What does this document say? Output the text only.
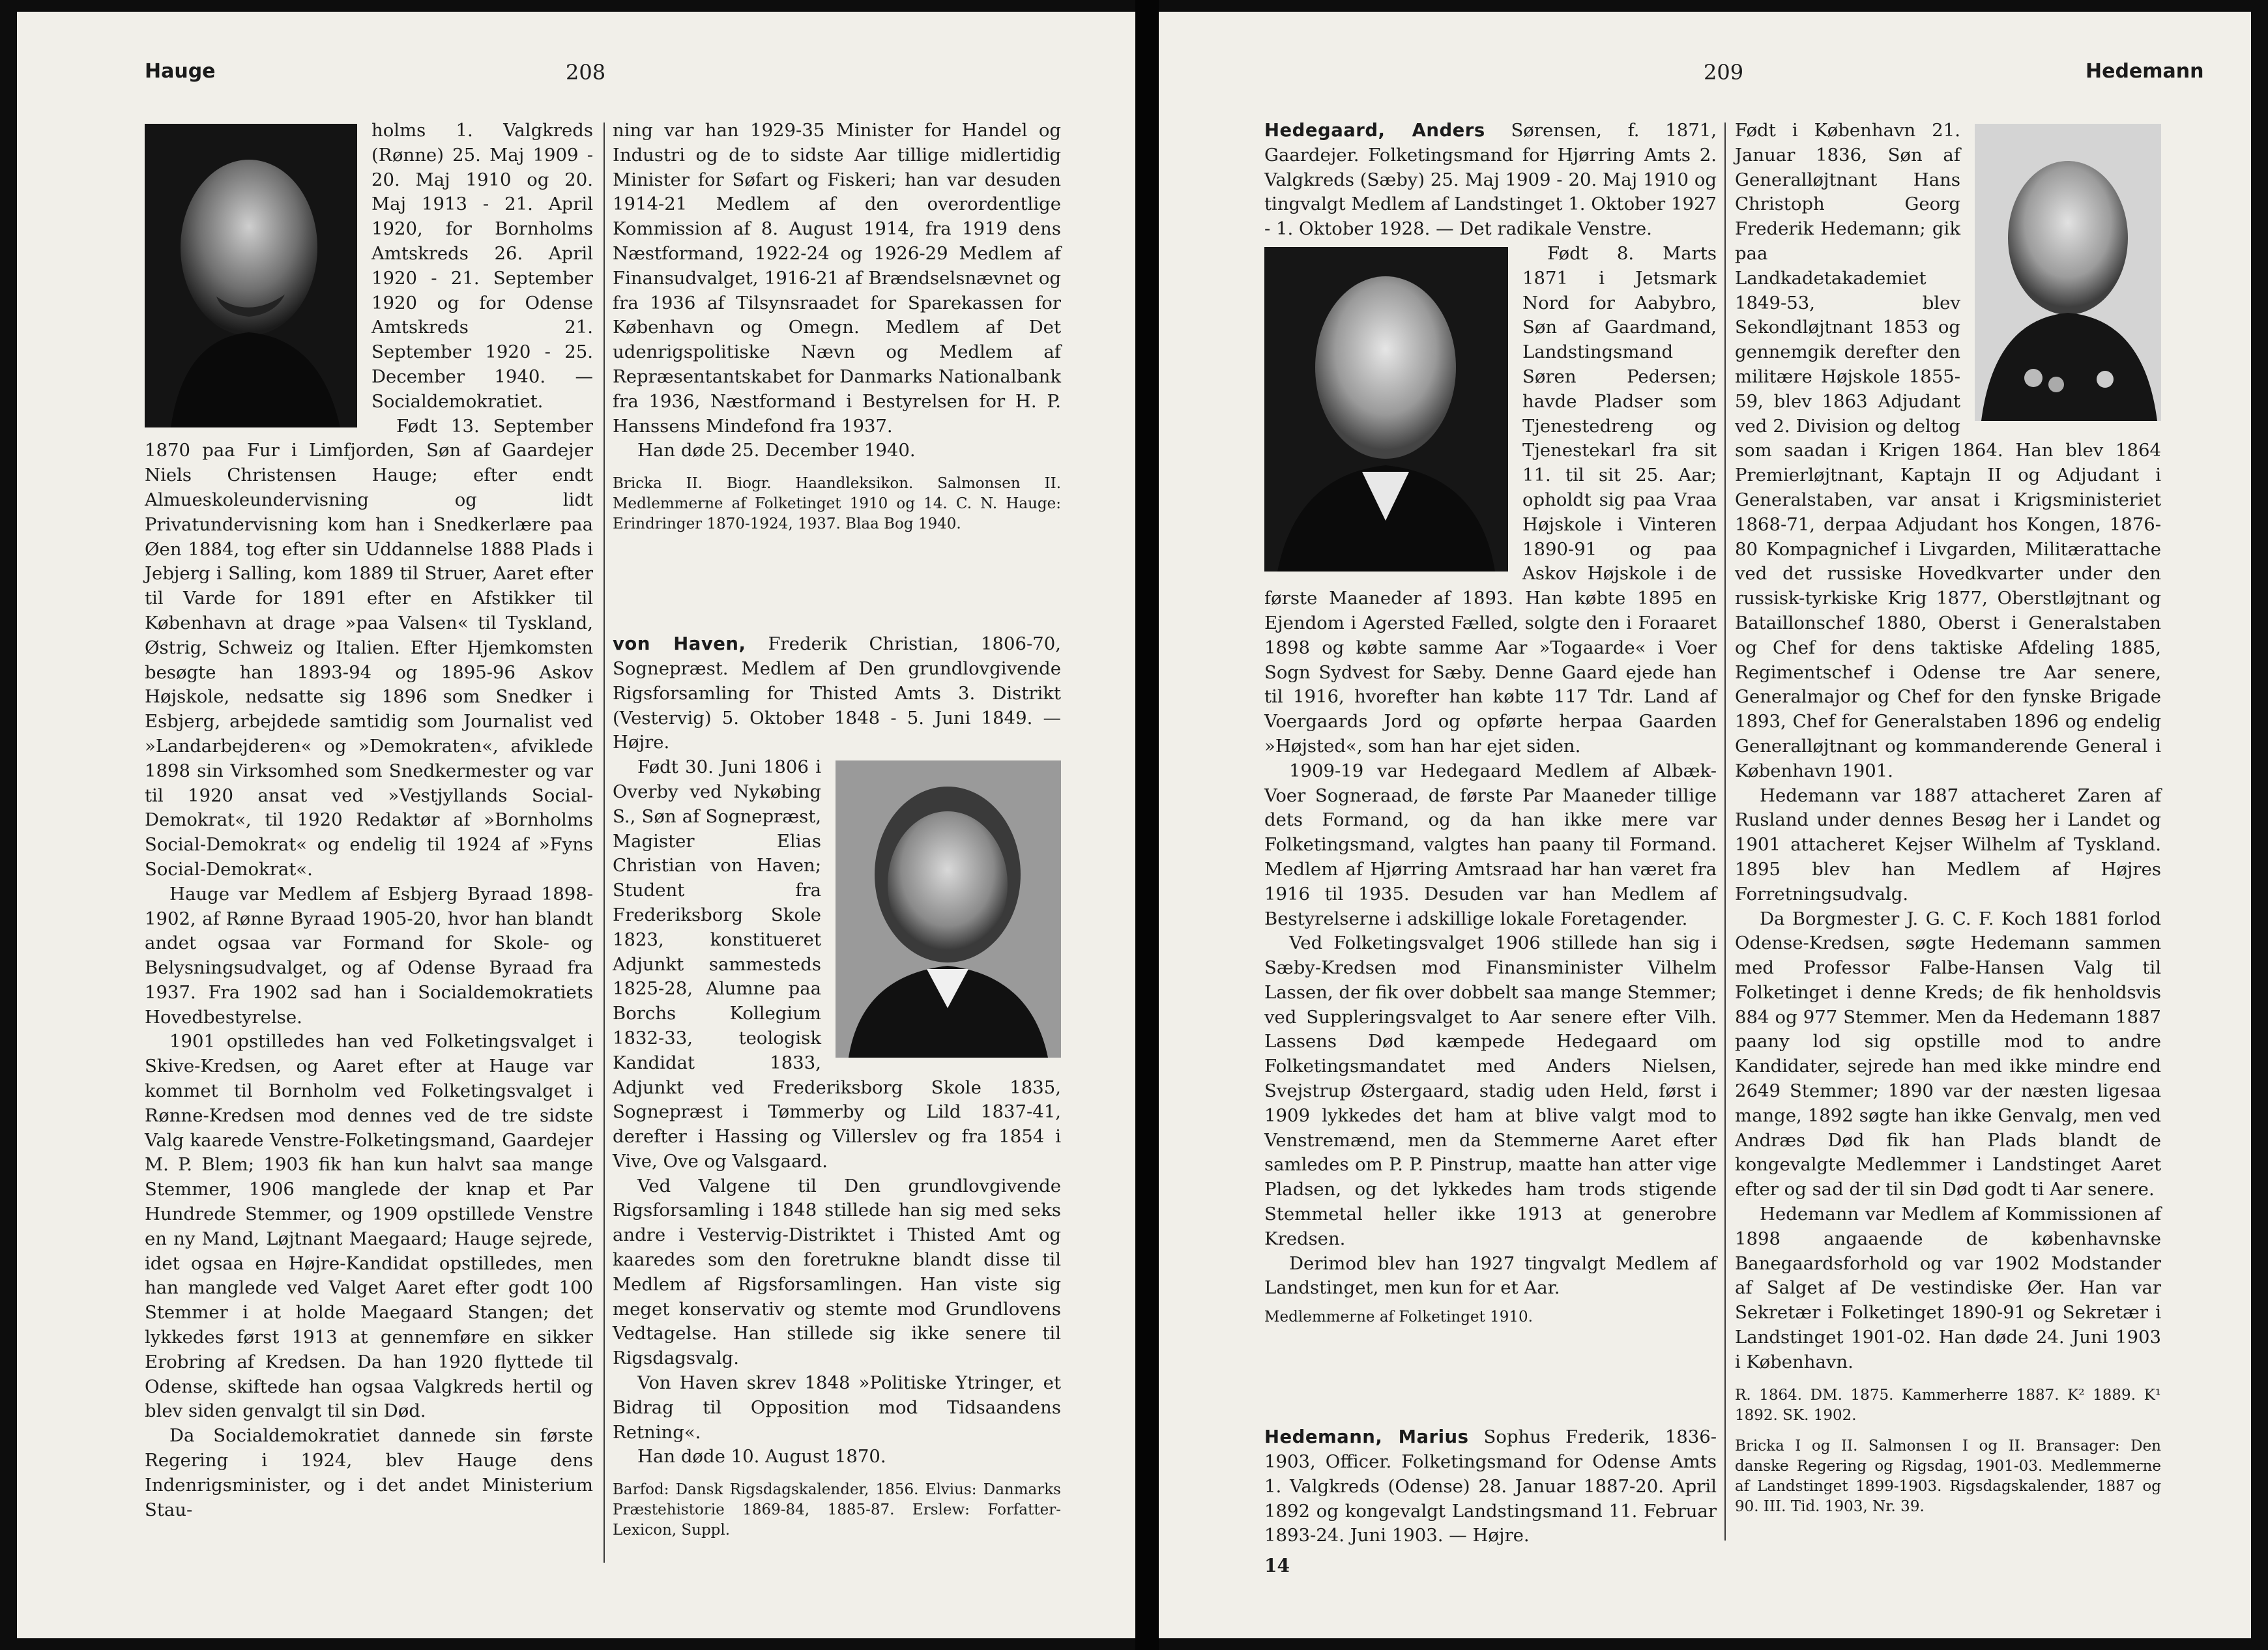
Hauge	208

holms 1. Valgkreds (Rønne) 25. Maj 1909 - 20. Maj 1910 og 20. Maj 1913 - 21. April 1920, for Bornholms Amtskreds 26. April 1920 - 21. September 1920 og for Odense Amtskreds 21. September 1920 - 25. December 1940. — Socialdemokratiet.

Født 13. September 1870 paa Fur i Limfjorden, Søn af Gaardejer Niels Christensen Hauge; efter endt Almueskoleundervisning og lidt Privatundervisning kom han i Snedkerlære paa Øen 1884, tog efter sin Uddannelse 1888 Plads i Jebjerg i Salling, kom 1889 til Struer, Aaret efter til Varde for 1891 efter en Afstikker til København at drage »paa Valsen« til Tyskland, Østrig, Schweiz og Italien. Efter Hjemkomsten besøgte han 1893-94 og 1895-96 Askov Højskole, nedsatte sig 1896 som Snedker i Esbjerg, arbejdede samtidig som Journalist ved »Landarbejderen« og »Demokraten«, afviklede 1898 sin Virksomhed som Snedkermester og var til 1920 ansat ved »Vestjyllands Social-Demokrat«, til 1920 Redaktør af »Bornholms Social-Demokrat« og endelig til 1924 af »Fyns Social-Demokrat«.

Hauge var Medlem af Esbjerg Byraad 1898-1902, af Rønne Byraad 1905-20, hvor han blandt andet ogsaa var Formand for Skole- og Belysningsudvalget, og af Odense Byraad fra 1937. Fra 1902 sad han i Socialdemokratiets Hovedbestyrelse.

1901 opstilledes han ved Folketingsvalget i Skive-Kredsen, og Aaret efter at Hauge var kommet til Bornholm ved Folketingsvalget i Rønne-Kredsen mod dennes ved de tre sidste Valg kaarede Venstre-Folketingsmand, Gaardejer M. P. Blem; 1903 fik han kun halvt saa mange Stemmer, 1906 manglede der knap et Par Hundrede Stemmer, og 1909 opstillede Venstre en ny Mand, Løjtnant Maegaard; Hauge sejrede, idet ogsaa en Højre-Kandidat opstilledes, men han manglede ved Valget Aaret efter godt 100 Stemmer i at holde Maegaard Stangen; det lykkedes først 1913 at gennemføre en sikker Erobring af Kredsen. Da han 1920 flyttede til Odense, skiftede han ogsaa Valgkreds hertil og blev siden genvalgt til sin Død.

Da Socialdemokratiet dannede sin første Regering i 1924, blev Hauge dens Indenrigsminister, og i det andet Ministerium Stau-

ning var han 1929-35 Minister for Handel og Industri og de to sidste Aar tillige midlertidig Minister for Søfart og Fiskeri; han var desuden 1914-21 Medlem af den overordentlige Kommission af 8. August 1914, fra 1919 dens Næstformand, 1922-24 og 1926-29 Medlem af Finansudvalget, 1916-21 af Brændselsnævnet og fra 1936 af Tilsynsraadet for Sparekassen for København og Omegn. Medlem af Det udenrigspolitiske Nævn og Medlem af Repræsentantskabet for Danmarks Nationalbank fra 1936, Næstformand i Bestyrelsen for H. P. Hanssens Mindefond fra 1937.

Han døde 25. December 1940.

Bricka II. Biogr. Haandleksikon. Salmonsen II. Medlemmerne af Folketinget 1910 og 14. C. N. Hauge: Erindringer 1870-1924, 1937. Blaa Bog 1940.

von Haven, Frederik Christian, 1806-70, Sognepræst. Medlem af Den grundlovgivende Rigsforsamling for Thisted Amts 3. Distrikt (Vestervig) 5. Oktober 1848 - 5. Juni 1849. — Højre.

Født 30. Juni 1806 i Overby ved Nykøbing S., Søn af Sognepræst, Magister Elias Christian von Haven; Student fra Frederiksborg Skole 1823, konstitueret Adjunkt sammesteds 1825-28, Alumne paa Borchs Kollegium 1832-33, teologisk Kandidat 1833, Adjunkt ved Frederiksborg Skole 1835, Sognepræst i Tømmerby og Lild 1837-41, derefter i Hassing og Villerslev og fra 1854 i Vive, Ove og Valsgaard.

Ved Valgene til Den grundlovgivende Rigsforsamling i 1848 stillede han sig med seks andre i Vestervig-Distriktet i Thisted Amt og kaaredes som den foretrukne blandt disse til Medlem af Rigsforsamlingen. Han viste sig meget konservativ og stemte mod Grundlovens Vedtagelse. Han stillede sig ikke senere til Rigsdagsvalg.

Von Haven skrev 1848 »Politiske Ytringer, et Bidrag til Opposition mod Tidsaandens Retning«.

Han døde 10. August 1870.

Barfod: Dansk Rigsdagskalender, 1856. Elvius: Danmarks Præstehistorie 1869-84, 1885-87. Erslew: Forfatter-Lexicon, Suppl.

209	Hedemann

Hedegaard, Anders Sørensen, f. 1871, Gaardejer. Folketingsmand for Hjørring Amts 2. Valgkreds (Sæby) 25. Maj 1909 - 20. Maj 1910 og tingvalgt Medlem af Landstinget 1. Oktober 1927 - 1. Oktober 1928. — Det radikale Venstre.

Født 8. Marts 1871 i Jetsmark Nord for Aabybro, Søn af Gaardmand, Landstingsmand Søren Pedersen; havde Pladser som Tjenestedreng og Tjenestekarl fra sit 11. til sit 25. Aar; opholdt sig paa Vraa Højskole i Vinteren 1890-91 og paa Askov Højskole i de første Maaneder af 1893. Han købte 1895 en Ejendom i Agersted Fælled, solgte den i Foraaret 1898 og købte samme Aar »Togaarde« i Voer Sogn Sydvest for Sæby. Denne Gaard ejede han til 1916, hvorefter han købte 117 Tdr. Land af Voergaards Jord og opførte herpaa Gaarden »Højsted«, som han har ejet siden.

1909-19 var Hedegaard Medlem af Albæk-Voer Sogneraad, de første Par Maaneder tillige dets Formand, og da han ikke mere var Folketingsmand, valgtes han paany til Formand. Medlem af Hjørring Amtsraad har han været fra 1916 til 1935. Desuden var han Medlem af Bestyrelserne i adskillige lokale Foretagender.

Ved Folketingsvalget 1906 stillede han sig i Sæby-Kredsen mod Finansminister Vilhelm Lassen, der fik over dobbelt saa mange Stemmer; ved Suppleringsvalget to Aar senere efter Vilh. Lassens Død kæmpede Hedegaard om Folketingsmandatet med Anders Nielsen, Svejstrup Østergaard, stadig uden Held, først i 1909 lykkedes det ham at blive valgt mod to Venstremænd, men da Stemmerne Aaret efter samledes om P. P. Pinstrup, maatte han atter vige Pladsen, og det lykkedes ham trods stigende Stemmetal heller ikke 1913 at generobre Kredsen.

Derimod blev han 1927 tingvalgt Medlem af Landstinget, men kun for et Aar.

Medlemmerne af Folketinget 1910.

Hedemann, Marius Sophus Frederik, 1836-1903, Officer. Folketingsmand for Odense Amts 1. Valgkreds (Odense) 28. Januar 1887-20. April 1892 og kongevalgt Landstingsmand 11. Februar 1893-24. Juni 1903. — Højre.

14

Født i København 21. Januar 1836, Søn af Generalløjtnant Hans Christoph Georg Frederik Hedemann; gik paa Landkadetakademiet 1849-53, blev Sekondløjtnant 1853 og gennemgik derefter den militære Højskole 1855-59, blev 1863 Adjudant ved 2. Division og deltog som saadan i Krigen 1864. Han blev 1864 Premierløjtnant, Kaptajn II og Adjudant i Generalstaben, var ansat i Krigsministeriet 1868-71, derpaa Adjudant hos Kongen, 1876-80 Kompagnichef i Livgarden, Militærattache ved det russiske Hovedkvarter under den russisk-tyrkiske Krig 1877, Oberstløjtnant og Bataillonschef 1880, Oberst i Generalstaben og Chef for dens taktiske Afdeling 1885, Regimentschef i Odense tre Aar senere, Generalmajor og Chef for den fynske Brigade 1893, Chef for Generalstaben 1896 og endelig Generalløjtnant og kommanderende General i København 1901.

Hedemann var 1887 attacheret Zaren af Rusland under dennes Besøg her i Landet og 1901 attacheret Kejser Wilhelm af Tyskland. 1895 blev han Medlem af Højres Forretningsudvalg.

Da Borgmester J. G. C. F. Koch 1881 forlod Odense-Kredsen, søgte Hedemann sammen med Professor Falbe-Hansen Valg til Folketinget i denne Kreds; de fik henholdsvis 884 og 977 Stemmer. Men da Hedemann 1887 paany lod sig opstille mod to andre Kandidater, sejrede han med ikke mindre end 2649 Stemmer; 1890 var der næsten ligesaa mange, 1892 søgte han ikke Genvalg, men ved Andræs Død fik han Plads blandt de kongevalgte Medlemmer i Landstinget Aaret efter og sad der til sin Død godt ti Aar senere.

Hedemann var Medlem af Kommissionen af 1898 angaaende de københavnske Banegaardsforhold og var 1902 Modstander af Salget af De vestindiske Øer. Han var Sekretær i Folketinget 1890-91 og Sekretær i Landstinget 1901-02. Han døde 24. Juni 1903 i København.

R. 1864. DM. 1875. Kammerherre 1887. K² 1889. K¹ 1892. SK. 1902.

Bricka I og II. Salmonsen I og II. Bransager: Den danske Regering og Rigsdag, 1901-03. Medlemmerne af Landstinget 1899-1903. Rigsdagskalender, 1887 og 90. III. Tid. 1903, Nr. 39.
